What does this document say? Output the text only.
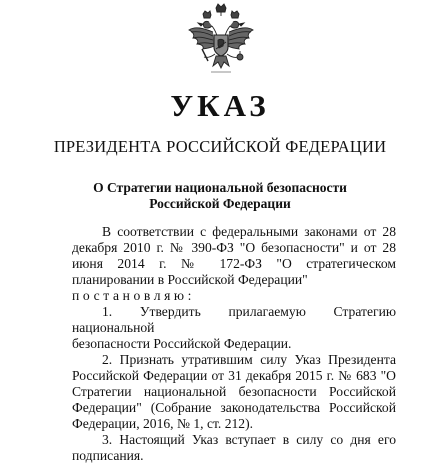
УКАЗ
ПРЕЗИДЕНТА РОССИЙСКОЙ ФЕДЕРАЦИИ
О Стратегии национальной безопасности
Российской Федерации
В соответствии с федеральными законами от 28 декабря 2010 г. № 390-ФЗ "О безопасности" и от 28 июня 2014 г. № 172-ФЗ "О стратегическом планировании в Российской Федерации"
постановляю:
1. Утвердить прилагаемую Стратегию национальной
безопасности Российской Федерации.
2. Признать утратившим силу Указ Президента Российской Федерации от 31 декабря 2015 г. № 683 "О Стратегии национальной безопасности Российской Федерации" (Собрание законодательства Российской Федерации, 2016, № 1, ст. 212).
3. Настоящий Указ вступает в силу со дня его подписания.
